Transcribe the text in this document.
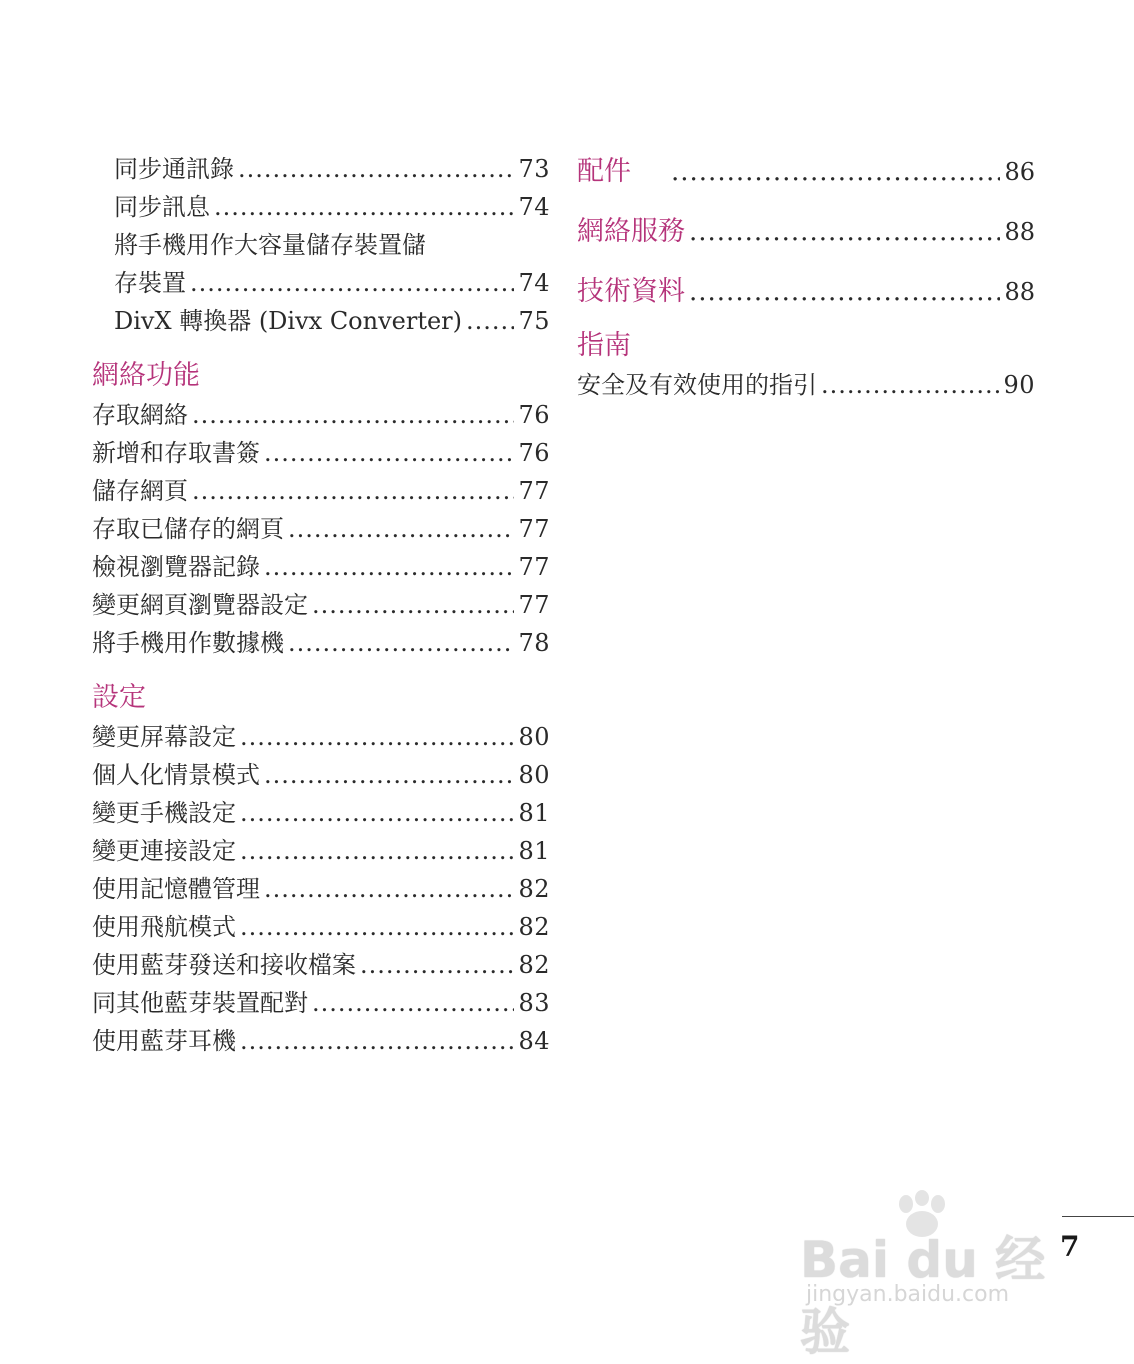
同步通訊錄 .....	73
同步訊息 .....	74
將手機用作大容量儲存裝置儲
存裝置 .....	74
DivX 轉換器 (Divx Converter) ..... 75
網絡功能
存取網絡 .....	76
新增和存取書簽 .....	76
儲存網頁 .....	77
存取已儲存的網頁 .....	77
檢視瀏覽器記錄 .....	77
變更網頁瀏覽器設定 .....	77
將手機用作數據機 .....	78
設定
變更屏幕設定 .....	80
個人化情景模式 .....	80
變更手機設定 .....	81
變更連接設定 .....	81
使用記憶體管理 .....	82
使用飛航模式 .....	82
使用藍芽發送和接收檔案 .....	82
同其他藍芽裝置配對 .....	83
使用藍芽耳機 .....	84
配件 .....	86
網絡服務 .....	88
技術資料 .....	88
指南
安全及有效使用的指引 .....	90
7
Bai du 经验
jingyan.baidu.com
